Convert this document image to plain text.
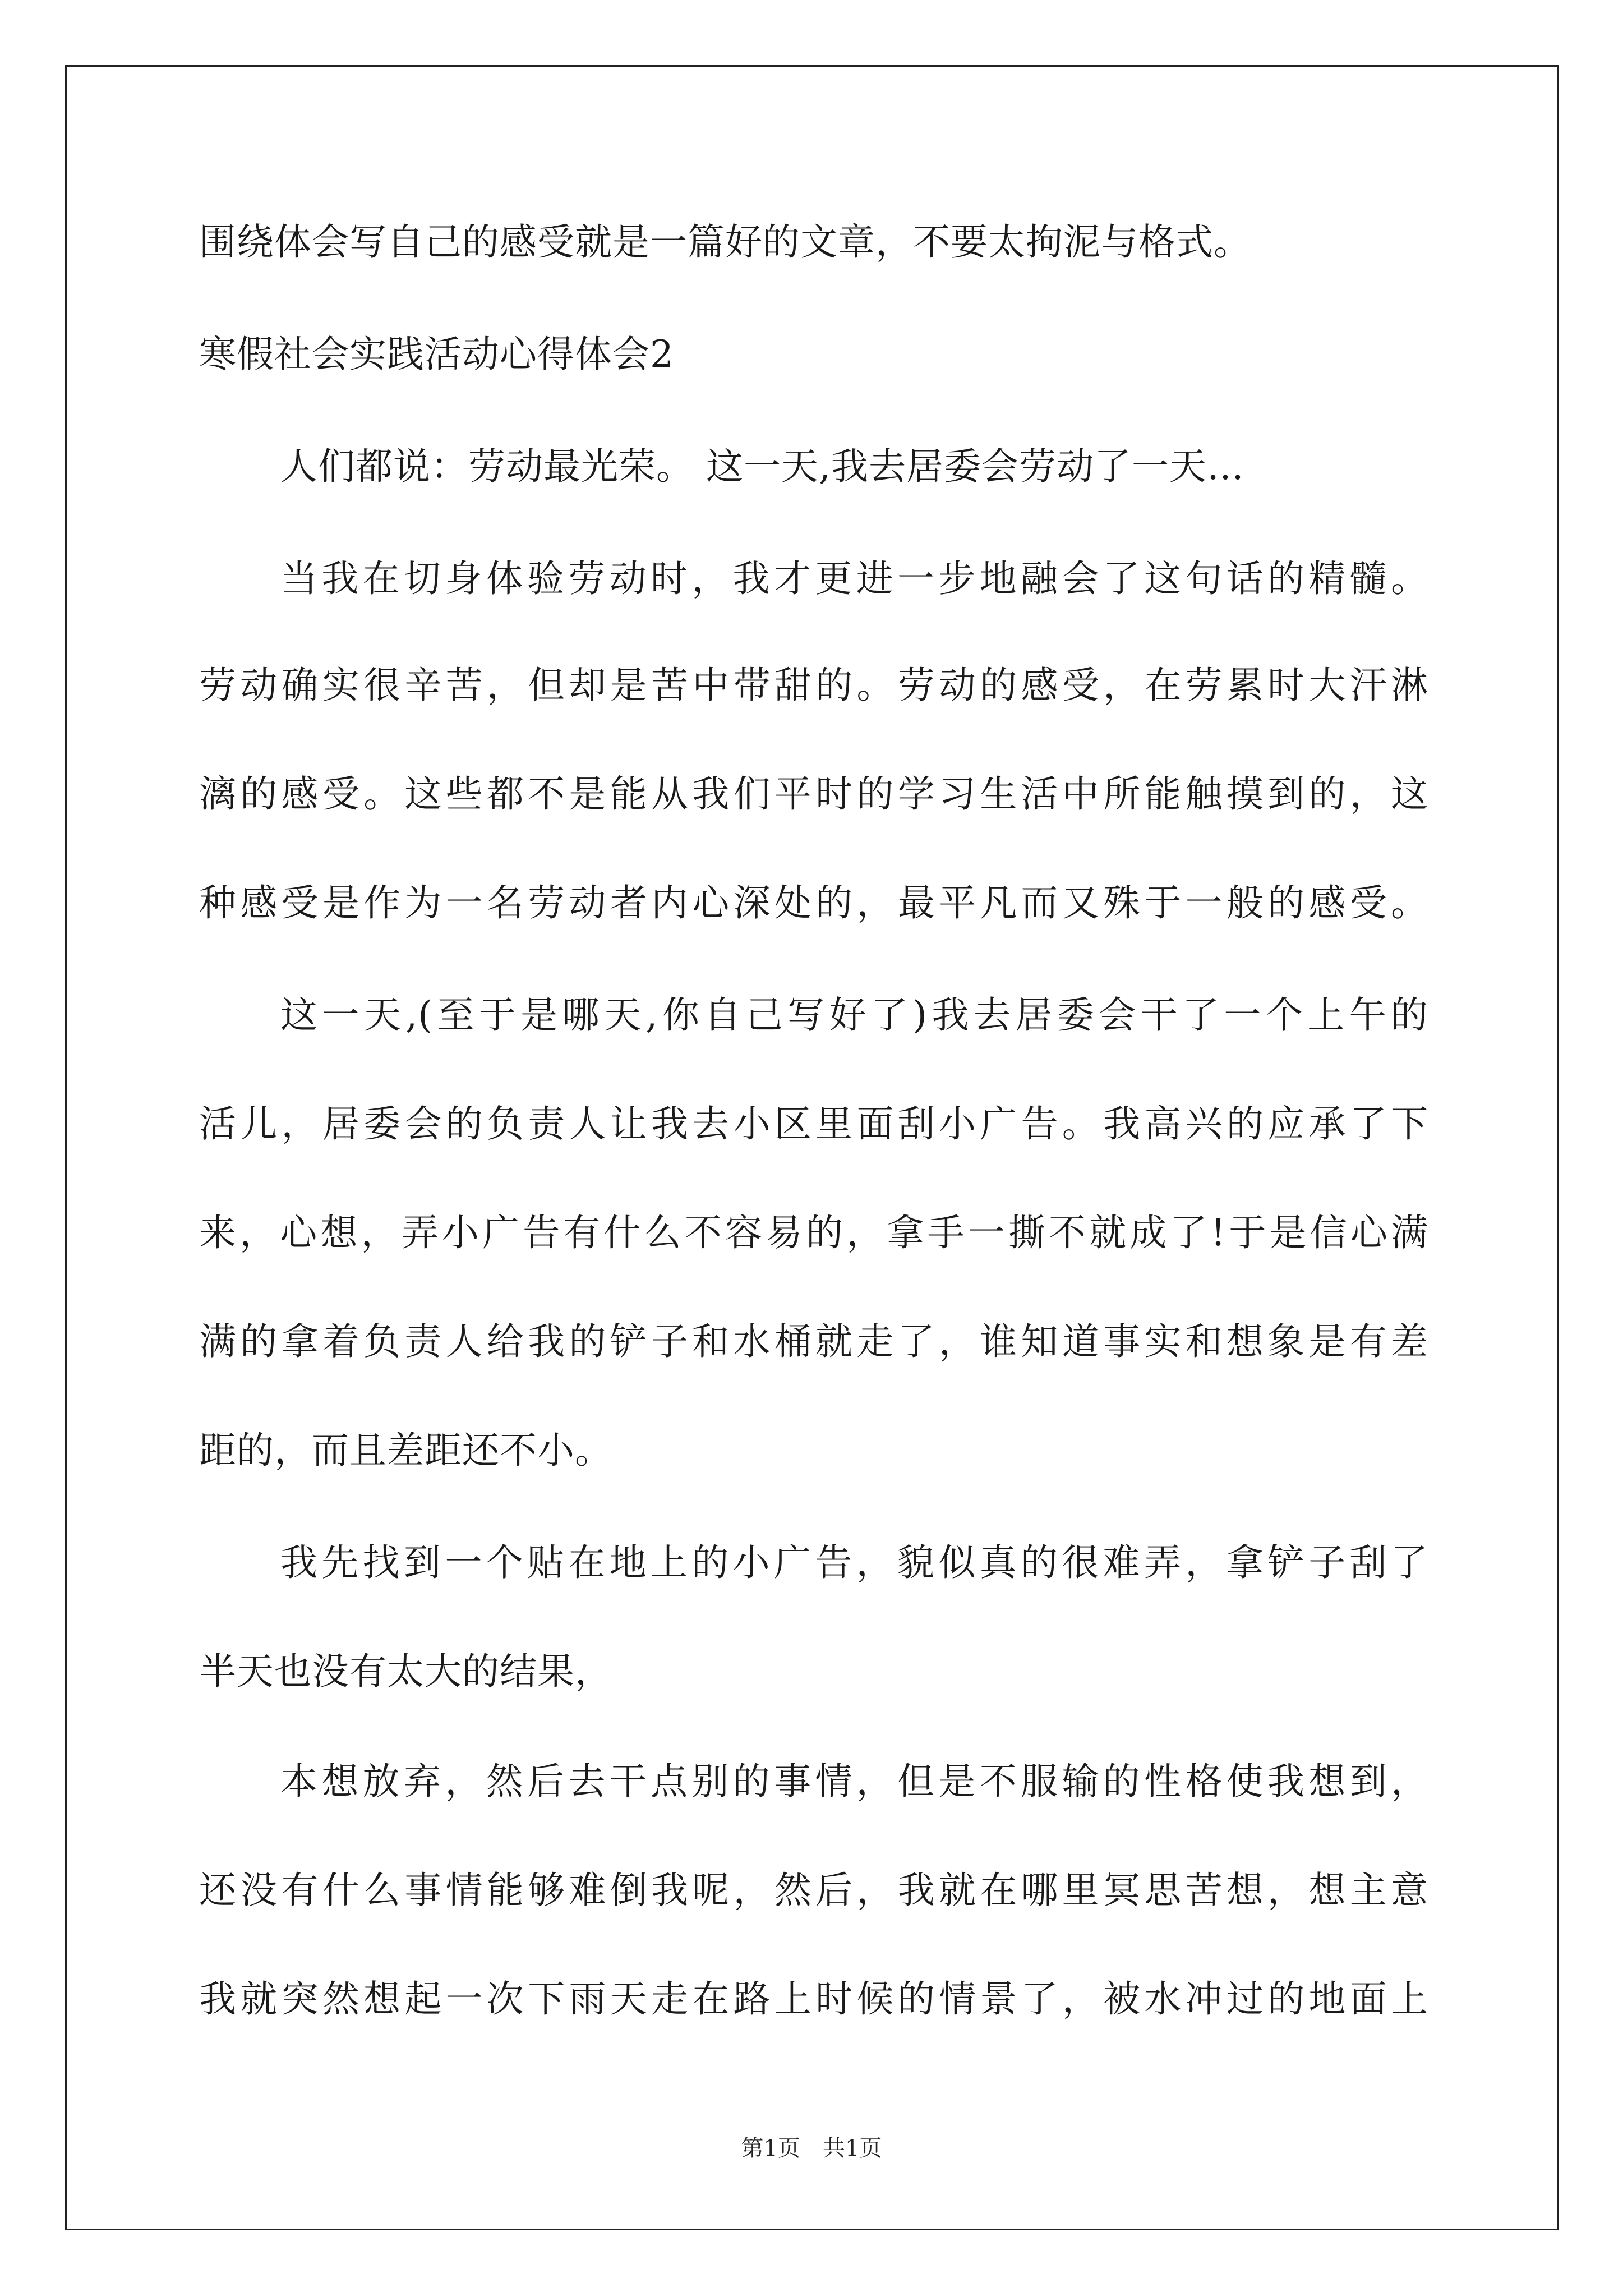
围绕体会写自己的感受就是一篇好的文章，不要太拘泥与格式。
寒假社会实践活动心得体会2
人们都说：劳动最光荣。 这一天,我去居委会劳动了一天…
当我在切身体验劳动时，我才更进一步地融会了这句话的精髓。
劳动确实很辛苦，但却是苦中带甜的。劳动的感受，在劳累时大汗淋
漓的感受。这些都不是能从我们平时的学习生活中所能触摸到的，这
种感受是作为一名劳动者内心深处的，最平凡而又殊于一般的感受。
这一天,(至于是哪天,你自己写好了)我去居委会干了一个上午的
活儿，居委会的负责人让我去小区里面刮小广告。我高兴的应承了下
来，心想，弄小广告有什么不容易的，拿手一撕不就成了!于是信心满
满的拿着负责人给我的铲子和水桶就走了，谁知道事实和想象是有差
距的，而且差距还不小。
我先找到一个贴在地上的小广告，貌似真的很难弄，拿铲子刮了
半天也没有太大的结果，
本想放弃，然后去干点别的事情，但是不服输的性格使我想到，
还没有什么事情能够难倒我呢，然后，我就在哪里冥思苦想，想主意
我就突然想起一次下雨天走在路上时候的情景了，被水冲过的地面上
第1页 共1页
